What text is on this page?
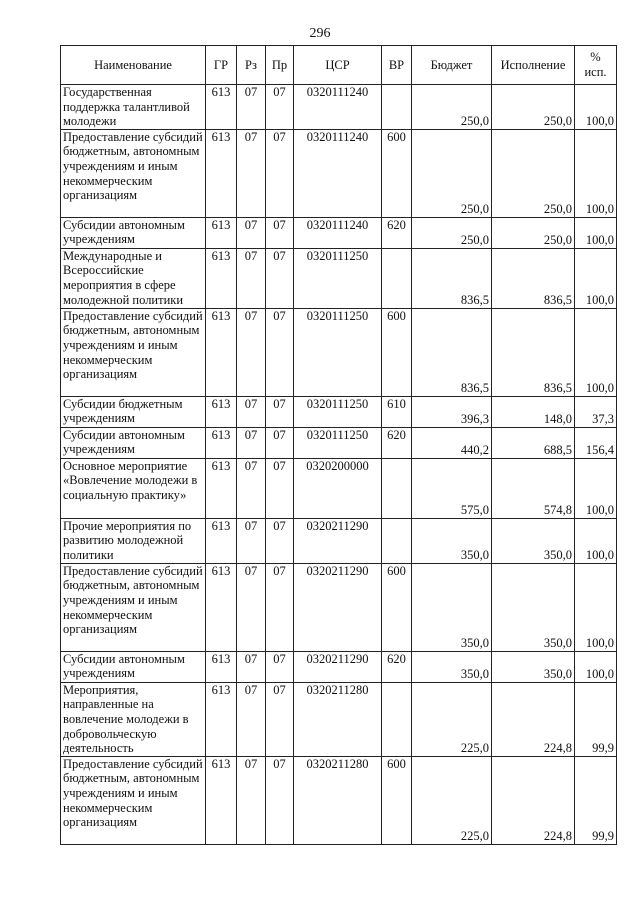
296
Наименование	ГР	Рз	Пр	ЦСР	ВР	Бюджет	Исполнение	%
исп.

Государственная поддержка талантливой молодежи	613	07	07	0320111240		250,0	250,0	100,0
Предоставление субсидий бюджетным, автономным учреждениям и иным некоммерческим организациям	613	07	07	0320111240	600	250,0	250,0	100,0
Субсидии автономным учреждениям	613	07	07	0320111240	620	250,0	250,0	100,0
Международные и Всероссийские мероприятия в сфере молодежной политики	613	07	07	0320111250		836,5	836,5	100,0
Предоставление субсидий бюджетным, автономным учреждениям и иным некоммерческим организациям	613	07	07	0320111250	600	836,5	836,5	100,0
Субсидии бюджетным учреждениям	613	07	07	0320111250	610	396,3	148,0	37,3
Субсидии автономным учреждениям	613	07	07	0320111250	620	440,2	688,5	156,4
Основное мероприятие «Вовлечение молодежи в социальную практику»	613	07	07	0320200000		575,0	574,8	100,0
Прочие мероприятия по развитию молодежной политики	613	07	07	0320211290		350,0	350,0	100,0
Предоставление субсидий бюджетным, автономным учреждениям и иным некоммерческим организациям	613	07	07	0320211290	600	350,0	350,0	100,0
Субсидии автономным учреждениям	613	07	07	0320211290	620	350,0	350,0	100,0
Мероприятия, направленные на вовлечение молодежи в добровольческую деятельность	613	07	07	0320211280		225,0	224,8	99,9
Предоставление субсидий бюджетным, автономным учреждениям и иным некоммерческим организациям	613	07	07	0320211280	600	225,0	224,8	99,9
